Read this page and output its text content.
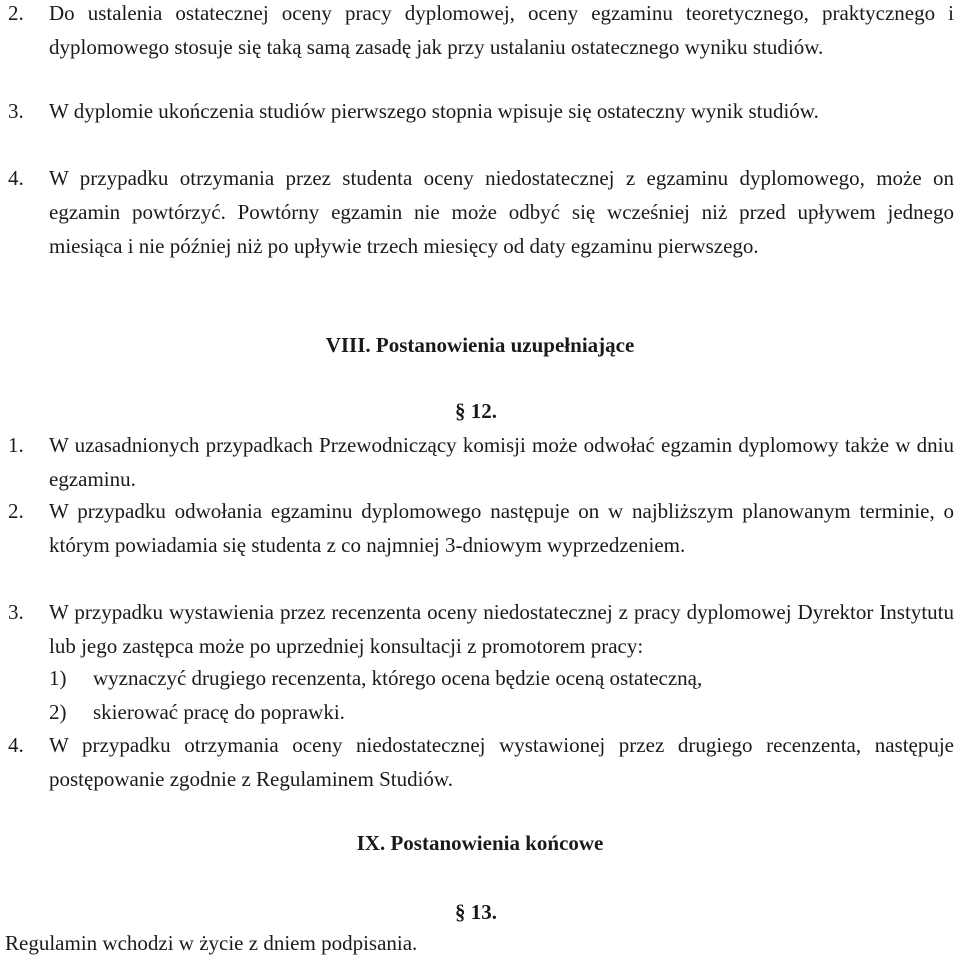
2. Do ustalenia ostatecznej oceny pracy dyplomowej, oceny egzaminu teoretycznego, praktycznego i dyplomowego stosuje się taką samą zasadę jak przy ustalaniu ostatecznego wyniku studiów.
3. W dyplomie ukończenia studiów pierwszego stopnia wpisuje się ostateczny wynik studiów.
4. W przypadku otrzymania przez studenta oceny niedostatecznej z egzaminu dyplomowego, może on egzamin powtórzyć. Powtórny egzamin nie może odbyć się wcześniej niż przed upływem jednego miesiąca i nie później niż po upływie trzech miesięcy od daty egzaminu pierwszego.
VIII. Postanowienia uzupełniające
§ 12.
1. W uzasadnionych przypadkach Przewodniczący komisji może odwołać egzamin dyplomowy także w dniu egzaminu.
2. W przypadku odwołania egzaminu dyplomowego następuje on w najbliższym planowanym terminie, o którym powiadamia się studenta z co najmniej 3-dniowym wyprzedzeniem.
3. W przypadku wystawienia przez recenzenta oceny niedostatecznej z pracy dyplomowej Dyrektor Instytutu lub jego zastępca może po uprzedniej konsultacji z promotorem pracy:
1) wyznaczyć drugiego recenzenta, którego ocena będzie oceną ostateczną,
2) skierować pracę do poprawki.
4. W przypadku otrzymania oceny niedostatecznej wystawionej przez drugiego recenzenta, następuje postępowanie zgodnie z Regulaminem Studiów.
IX. Postanowienia końcowe
§ 13.
Regulamin wchodzi w życie z dniem podpisania.
